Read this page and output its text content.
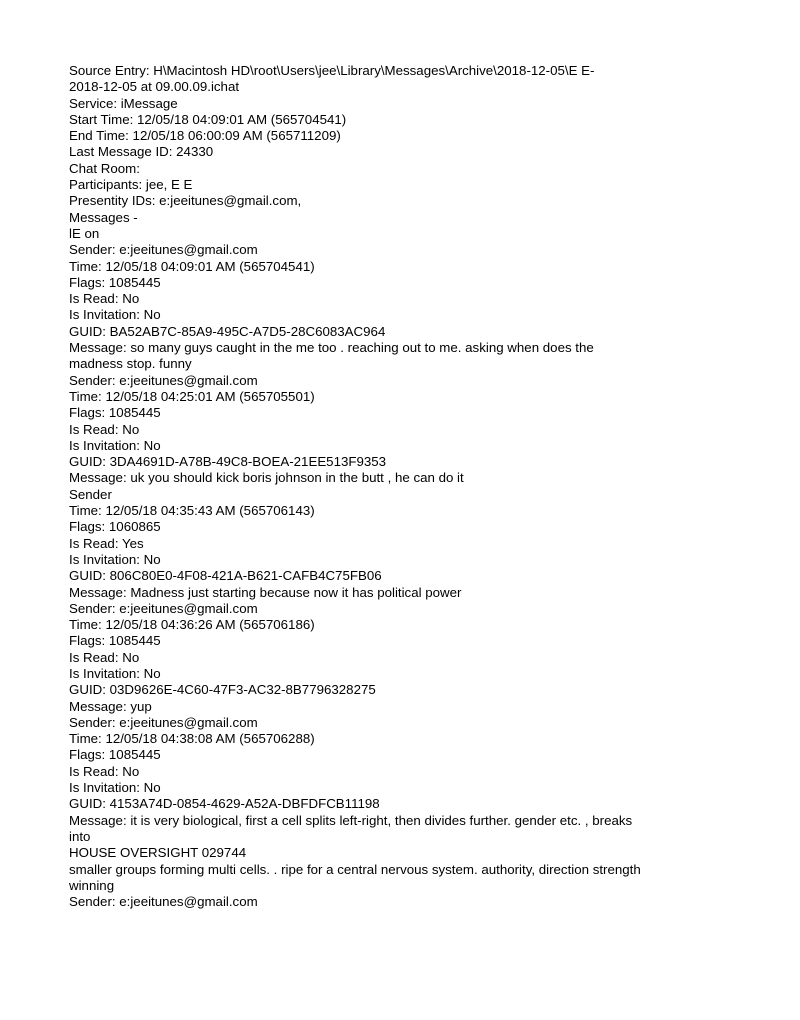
Source Entry: H\Macintosh HD\root\Users\jee\Library\Messages\Archive\2018-12-05\E E-
2018-12-05 at 09.00.09.ichat
Service: iMessage
Start Time: 12/05/18 04:09:01 AM (565704541)
End Time: 12/05/18 06:00:09 AM (565711209)
Last Message ID: 24330
Chat Room:
Participants: jee, E E
Presentity IDs: e:jeeitunes@gmail.com,
Messages -
lE on
Sender: e:jeeitunes@gmail.com
Time: 12/05/18 04:09:01 AM (565704541)
Flags: 1085445
Is Read: No
Is Invitation: No
GUID: BA52AB7C-85A9-495C-A7D5-28C6083AC964
Message: so many guys caught in the me too . reaching out to me. asking when does the
madness stop. funny
Sender: e:jeeitunes@gmail.com
Time: 12/05/18 04:25:01 AM (565705501)
Flags: 1085445
Is Read: No
Is Invitation: No
GUID: 3DA4691D-A78B-49C8-BOEA-21EE513F9353
Message: uk you should kick boris johnson in the butt , he can do it
Sender
Time: 12/05/18 04:35:43 AM (565706143)
Flags: 1060865
Is Read: Yes
Is Invitation: No
GUID: 806C80E0-4F08-421A-B621-CAFB4C75FB06
Message: Madness just starting because now it has political power
Sender: e:jeeitunes@gmail.com
Time: 12/05/18 04:36:26 AM (565706186)
Flags: 1085445
Is Read: No
Is Invitation: No
GUID: 03D9626E-4C60-47F3-AC32-8B7796328275
Message: yup
Sender: e:jeeitunes@gmail.com
Time: 12/05/18 04:38:08 AM (565706288)
Flags: 1085445
Is Read: No
Is Invitation: No
GUID: 4153A74D-0854-4629-A52A-DBFDFCB11198
Message: it is very biological, first a cell splits left-right, then divides further. gender etc. , breaks
into
HOUSE OVERSIGHT 029744
smaller groups forming multi cells. . ripe for a central nervous system. authority, direction strength
winning
Sender: e:jeeitunes@gmail.com
